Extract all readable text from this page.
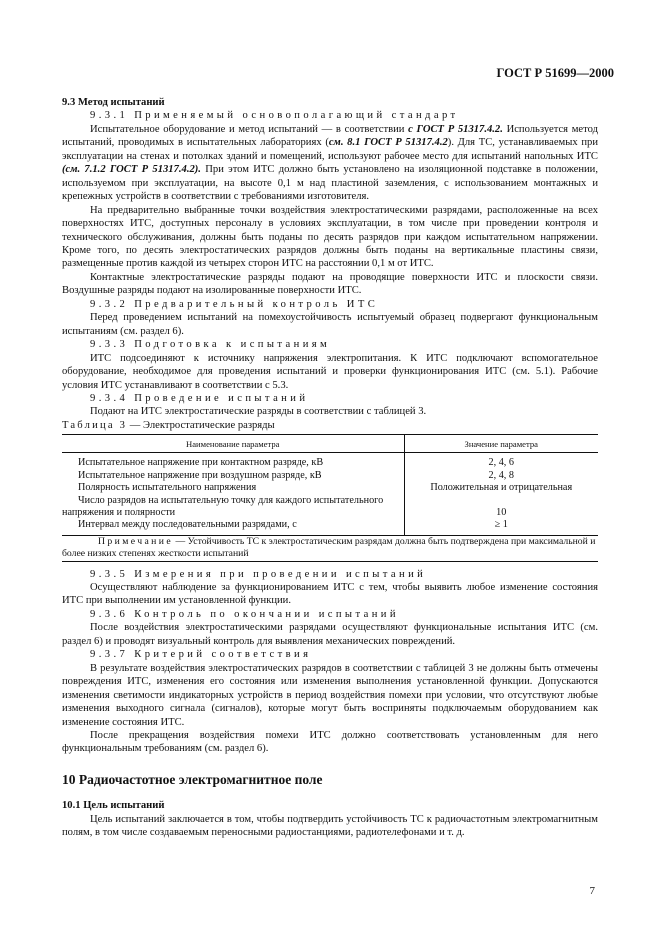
ГОСТ Р 51699—2000
9.3 Метод испытаний

9.3.1 Применяемый основополагающий стандарт

Испытательное оборудование и метод испытаний — в соответствии с ГОСТ Р 51317.4.2. Используется метод испытаний, проводимых в испытательных лабораториях (см. 8.1 ГОСТ Р 51317.4.2). Для ТС, устанавливаемых при эксплуатации на стенах и потолках зданий и помещений, используют рабочее место для испытаний напольных ИТС (см. 7.1.2 ГОСТ Р 51317.4.2). При этом ИТС должно быть установлено на изоляционной подставке в положении, используемом при эксплуатации, на высоте 0,1 м над пластиной заземления, с использованием монтажных и крепежных устройств в соответствии с требованиями изготовителя.

На предварительно выбранные точки воздействия электростатическими разрядами, расположенные на всех поверхностях ИТС, доступных персоналу в условиях эксплуатации, в том числе при проведении контроля и технического обслуживания, должны быть поданы по десять разрядов при каждом испытательном напряжении. Кроме того, по десять электростатических разрядов должны быть поданы на вертикальные пластины связи, размещенные против каждой из четырех сторон ИТС на расстоянии 0,1 м от ИТС.

Контактные электростатические разряды подают на проводящие поверхности ИТС и плоскости связи. Воздушные разряды подают на изолированные поверхности ИТС.

9.3.2 Предварительный контроль ИТС

Перед проведением испытаний на помехоустойчивость испытуемый образец подвергают функциональным испытаниям (см. раздел 6).

9.3.3 Подготовка к испытаниям

ИТС подсоединяют к источнику напряжения электропитания. К ИТС подключают вспомогательное оборудование, необходимое для проведения испытаний и проверки функционирования ИТС (см. 5.1). Рабочие условия ИТС устанавливают в соответствии с 5.3.

9.3.4 Проведение испытаний

Подают на ИТС электростатические разряды в соответствии с таблицей 3.

Таблица 3 — Электростатические разряды
Наименование параметра	Значение параметра
Испытательное напряжение при контактном разряде, кВ	2, 4, 6
Испытательное напряжение при воздушном разряде, кВ	2, 4, 8
Полярность испытательного напряжения	Положительная и отрицательная

Число разрядов на испытательную точку для каждого испытательного напряжения и полярности	10
Интервал между последовательными разрядами, с	≥ 1
Примечание — Устойчивость ТС к электростатическим разрядам должна быть подтверждена при максимальной и более низких степенях жесткости испытаний	

9.3.5 Измерения при проведении испытаний

Осуществляют наблюдение за функционированием ИТС с тем, чтобы выявить любое изменение состояния ИТС при выполнении им установленной функции.

9.3.6 Контроль по окончании испытаний

После воздействия электростатическими разрядами осуществляют функциональные испытания ИТС (см. раздел 6) и проводят визуальный контроль для выявления механических повреждений.

9.3.7 Критерий соответствия

В результате воздействия электростатических разрядов в соответствии с таблицей 3 не должны быть отмечены повреждения ИТС, изменения его состояния или изменения выполнения установленной функции. Допускаются изменения светимости индикаторных устройств в период воздействия помехи при условии, что отсутствуют любые изменения выходного сигнала (сигналов), которые могут быть восприняты подключаемым оборудованием как изменение состояния ИТС.

После прекращения воздействия помехи ИТС должно соответствовать установленным для него функциональным требованиям (см. раздел 6).

10 Радиочастотное электромагнитное поле
10.1 Цель испытаний

Цель испытаний заключается в том, чтобы подтвердить устойчивость ТС к радиочастотным электромагнитным полям, в том числе создаваемым переносными радиостанциями, радиотелефонами и т. д.

7
